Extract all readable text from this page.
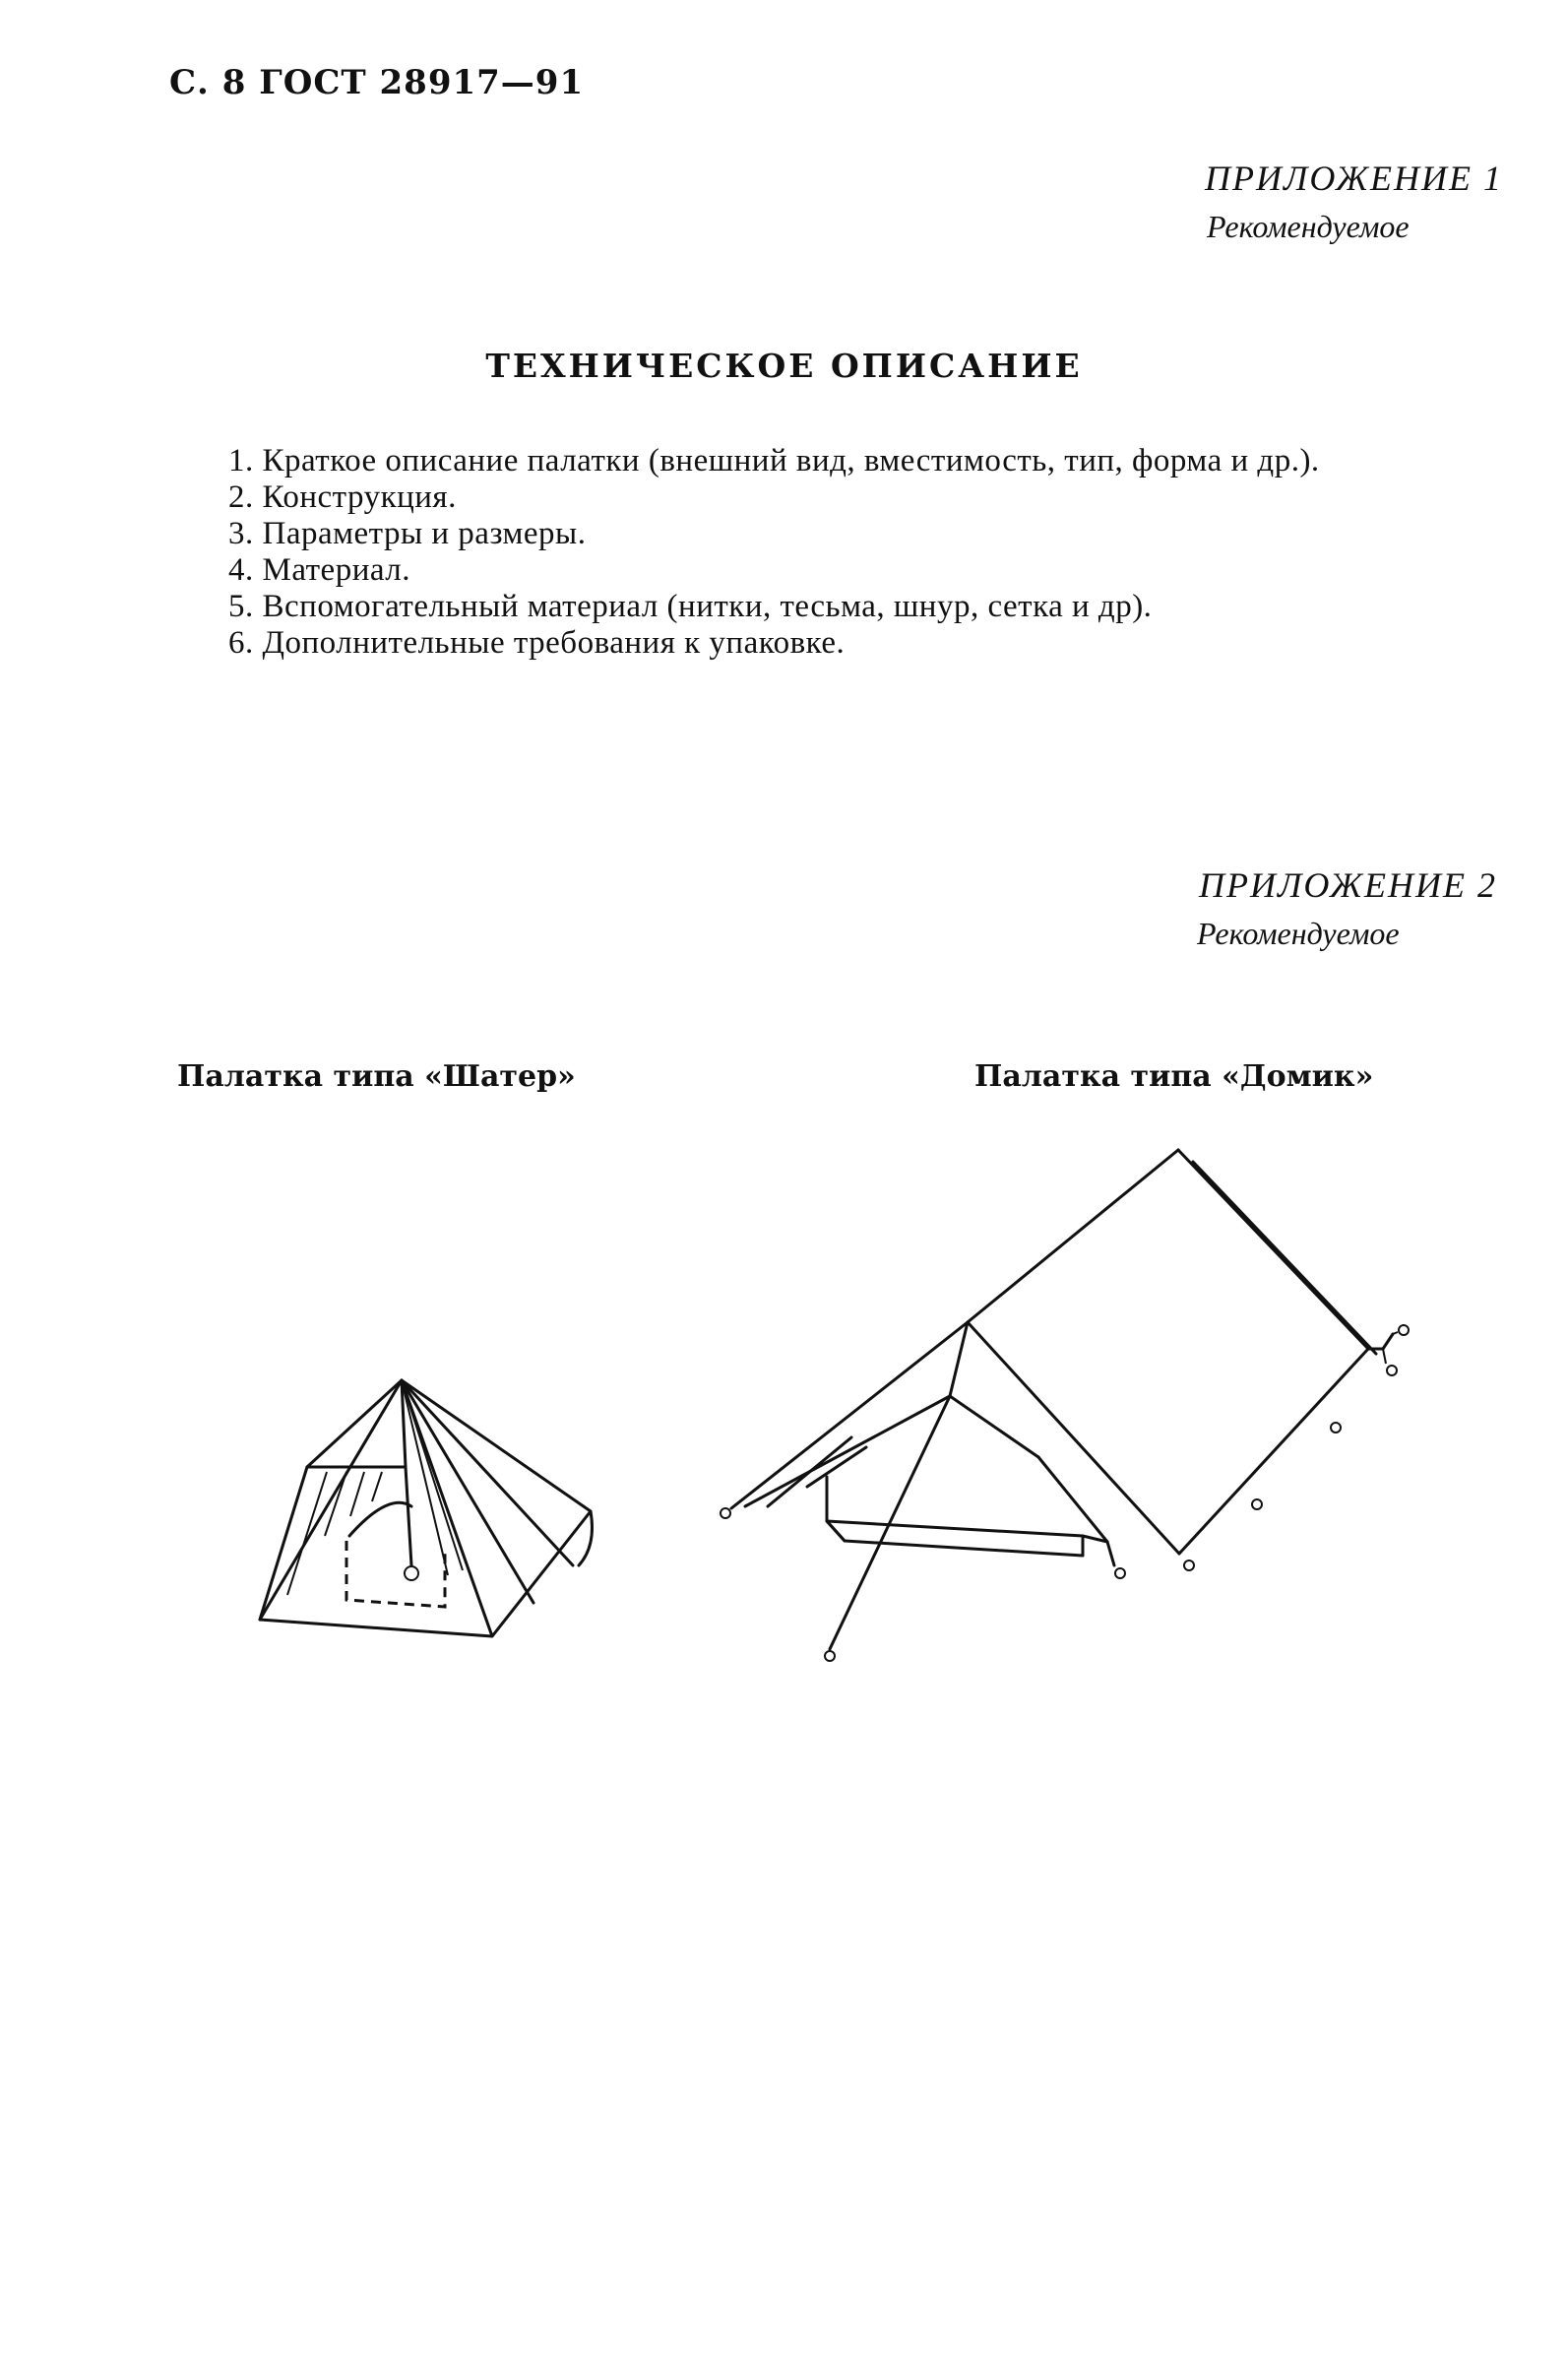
С. 8 ГОСТ 28917—91
ПРИЛОЖЕНИЕ 1
Рекомендуемое
ТЕХНИЧЕСКОЕ ОПИСАНИЕ
1. Краткое описание палатки (внешний вид, вместимость, тип, форма и др.).
2. Конструкция.
3. Параметры и размеры.
4. Материал.
5. Вспомогательный материал (нитки, тесьма, шнур, сетка и др).
6. Дополнительные требования к упаковке.
ПРИЛОЖЕНИЕ 2
Рекомендуемое
Палатка типа «Шатер»	Палатка типа «Домик»
